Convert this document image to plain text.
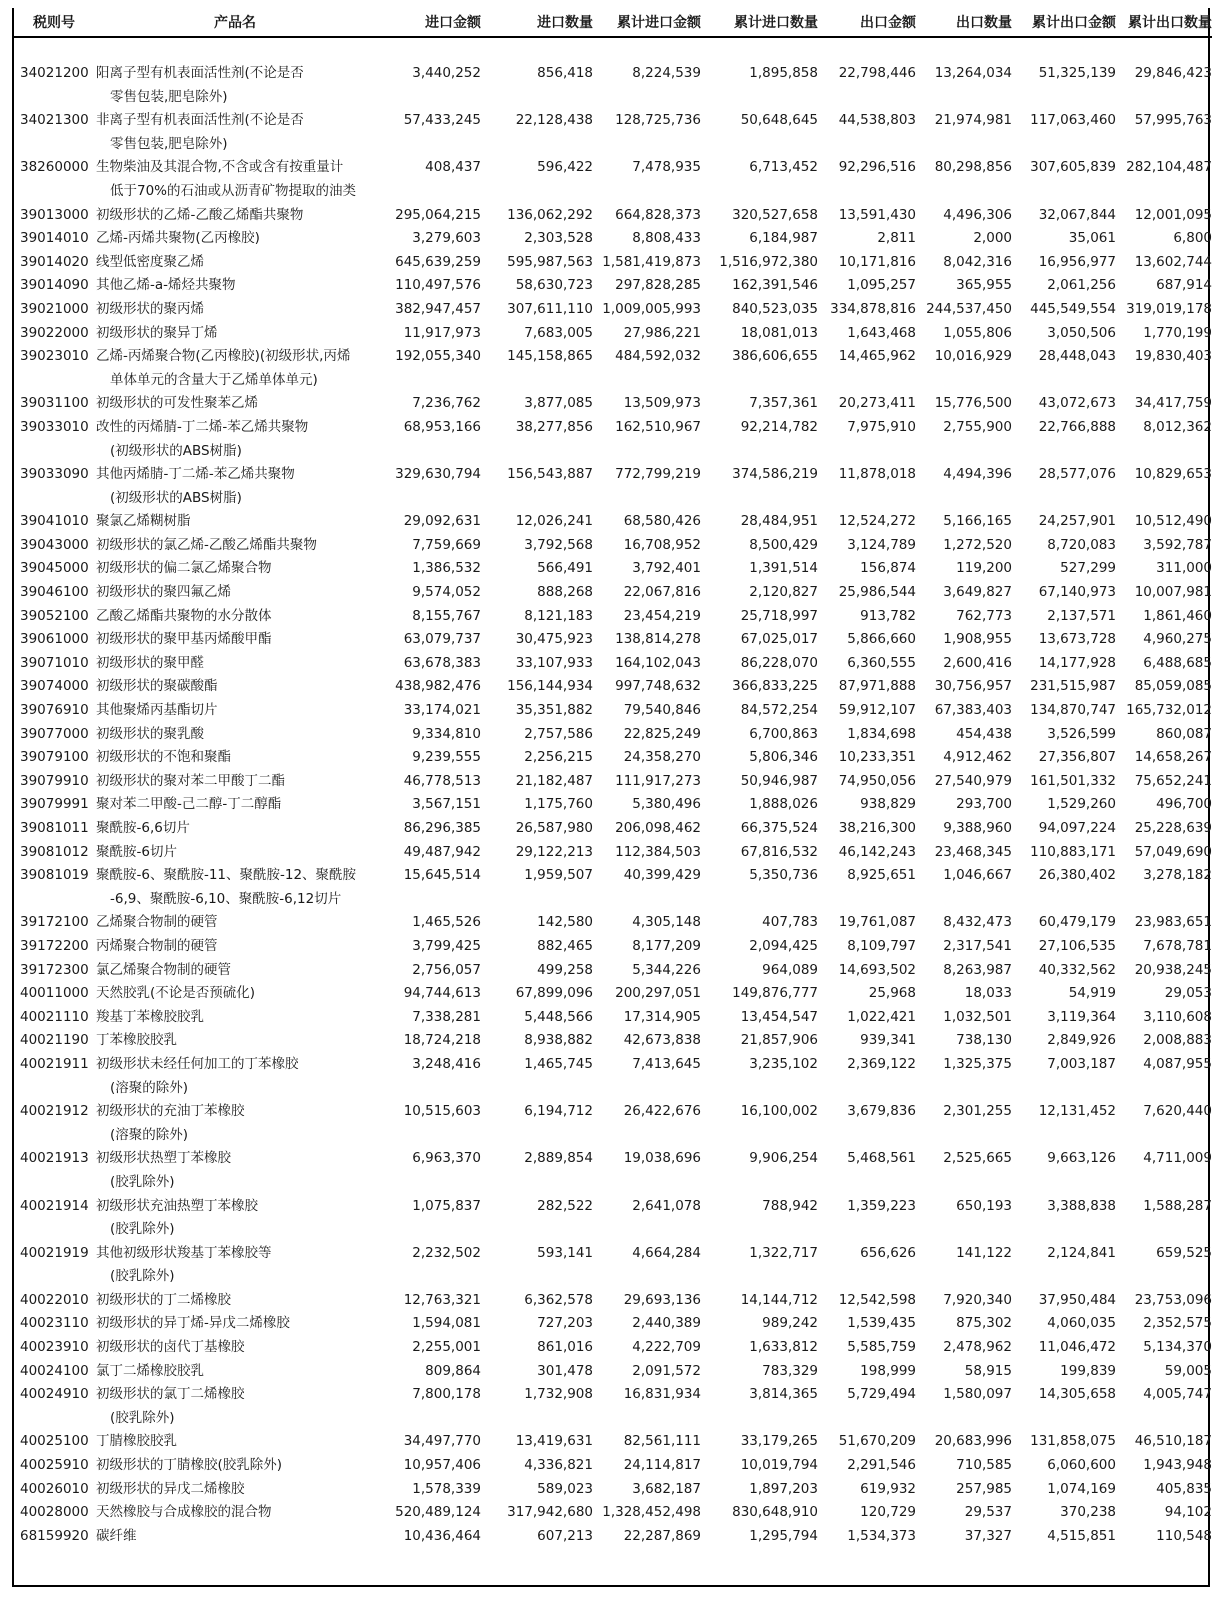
税则号	产品名	进口金额	进口数量	累计进口金额	累计进口数量	出口金额	出口数量	累计出口金额 累计出口数量
34021200 阳离子型有机表面活性剂(不论是否
零售包装,肥皂除外)
3,440,252	856,418	8,224,539	1,895,858	22,798,446	13,264,034	51,325,139	29,846,423
34021300 非离子型有机表面活性剂(不论是否
零售包装,肥皂除外)
57,433,245	22,128,438	128,725,736	50,648,645	44,538,803	21,974,981	117,063,460	57,995,763
38260000 生物柴油及其混合物,不含或含有按重量计
低于70%的石油或从沥青矿物提取的油类
408,437	596,422	7,478,935	6,713,452	92,296,516	80,298,856	307,605,839 282,104,487
39013000 初级形状的乙烯-乙酸乙烯酯共聚物	295,064,215	136,062,292	664,828,373	320,527,658	13,591,430	4,496,306	32,067,844	12,001,095
39014010 乙烯-丙烯共聚物(乙丙橡胶)	3,279,603	2,303,528	8,808,433	6,184,987	2,811	2,000	35,061	6,800
39014020 线型低密度聚乙烯	645,639,259	595,987,563 1,581,419,873	1,516,972,380	10,171,816	8,042,316	16,956,977	13,602,744
39014090 其他乙烯-a-烯烃共聚物	110,497,576	58,630,723	297,828,285	162,391,546	1,095,257	365,955	2,061,256	687,914
39021000 初级形状的聚丙烯	382,947,457	307,611,110 1,009,005,993	840,523,035 334,878,816 244,537,450	445,549,554 319,019,178
39022000 初级形状的聚异丁烯	11,917,973	7,683,005	27,986,221	18,081,013	1,643,468	1,055,806	3,050,506	1,770,199
39023010 乙烯-丙烯聚合物(乙丙橡胶)(初级形状,丙烯
单体单元的含量大于乙烯单体单元)
192,055,340	145,158,865	484,592,032	386,606,655	14,465,962	10,016,929	28,448,043	19,830,403
39031100 初级形状的可发性聚苯乙烯	7,236,762	3,877,085	13,509,973	7,357,361	20,273,411	15,776,500	43,072,673	34,417,759
39033010 改性的丙烯腈-丁二烯-苯乙烯共聚物
(初级形状的ABS树脂)
68,953,166	38,277,856	162,510,967	92,214,782	7,975,910	2,755,900	22,766,888	8,012,362
39033090 其他丙烯腈-丁二烯-苯乙烯共聚物
(初级形状的ABS树脂)
329,630,794	156,543,887	772,799,219	374,586,219	11,878,018	4,494,396	28,577,076	10,829,653
39041010 聚氯乙烯糊树脂	29,092,631	12,026,241	68,580,426	28,484,951	12,524,272	5,166,165	24,257,901	10,512,490
39043000 初级形状的氯乙烯-乙酸乙烯酯共聚物	7,759,669	3,792,568	16,708,952	8,500,429	3,124,789	1,272,520	8,720,083	3,592,787
39045000 初级形状的偏二氯乙烯聚合物	1,386,532	566,491	3,792,401	1,391,514	156,874	119,200	527,299	311,000
39046100 初级形状的聚四氟乙烯	9,574,052	888,268	22,067,816	2,120,827	25,986,544	3,649,827	67,140,973	10,007,981
39052100 乙酸乙烯酯共聚物的水分散体	8,155,767	8,121,183	23,454,219	25,718,997	913,782	762,773	2,137,571	1,861,460
39061000 初级形状的聚甲基丙烯酸甲酯	63,079,737	30,475,923	138,814,278	67,025,017	5,866,660	1,908,955	13,673,728	4,960,275
39071010 初级形状的聚甲醛	63,678,383	33,107,933	164,102,043	86,228,070	6,360,555	2,600,416	14,177,928	6,488,685
39074000 初级形状的聚碳酸酯	438,982,476	156,144,934	997,748,632	366,833,225	87,971,888	30,756,957	231,515,987	85,059,085
39076910 其他聚烯丙基酯切片	33,174,021	35,351,882	79,540,846	84,572,254	59,912,107	67,383,403	134,870,747 165,732,012
39077000 初级形状的聚乳酸	9,334,810	2,757,586	22,825,249	6,700,863	1,834,698	454,438	3,526,599	860,087
39079100 初级形状的不饱和聚酯	9,239,555	2,256,215	24,358,270	5,806,346	10,233,351	4,912,462	27,356,807	14,658,267
39079910 初级形状的聚对苯二甲酸丁二酯	46,778,513	21,182,487	111,917,273	50,946,987	74,950,056	27,540,979	161,501,332	75,652,241
39079991 聚对苯二甲酸-己二醇-丁二醇酯	3,567,151	1,175,760	5,380,496	1,888,026	938,829	293,700	1,529,260	496,700
39081011 聚酰胺-6,6切片	86,296,385	26,587,980	206,098,462	66,375,524	38,216,300	9,388,960	94,097,224	25,228,639
39081012 聚酰胺-6切片	49,487,942	29,122,213	112,384,503	67,816,532	46,142,243	23,468,345	110,883,171	57,049,690
39081019 聚酰胺-6、聚酰胺-11、聚酰胺-12、聚酰胺
-6,9、聚酰胺-6,10、聚酰胺-6,12切片
15,645,514	1,959,507	40,399,429	5,350,736	8,925,651	1,046,667	26,380,402	3,278,182
39172100 乙烯聚合物制的硬管	1,465,526	142,580	4,305,148	407,783	19,761,087	8,432,473	60,479,179	23,983,651
39172200 丙烯聚合物制的硬管	3,799,425	882,465	8,177,209	2,094,425	8,109,797	2,317,541	27,106,535	7,678,781
39172300 氯乙烯聚合物制的硬管	2,756,057	499,258	5,344,226	964,089	14,693,502	8,263,987	40,332,562	20,938,245
40011000 天然胶乳(不论是否预硫化)	94,744,613	67,899,096	200,297,051	149,876,777	25,968	18,033	54,919	29,053
40021110 羧基丁苯橡胶胶乳	7,338,281	5,448,566	17,314,905	13,454,547	1,022,421	1,032,501	3,119,364	3,110,608
40021190 丁苯橡胶胶乳	18,724,218	8,938,882	42,673,838	21,857,906	939,341	738,130	2,849,926	2,008,883
40021911 初级形状未经任何加工的丁苯橡胶
(溶聚的除外)
3,248,416	1,465,745	7,413,645	3,235,102	2,369,122	1,325,375	7,003,187	4,087,955
40021912 初级形状的充油丁苯橡胶
(溶聚的除外)
10,515,603	6,194,712	26,422,676	16,100,002	3,679,836	2,301,255	12,131,452	7,620,440
40021913 初级形状热塑丁苯橡胶
(胶乳除外)
6,963,370	2,889,854	19,038,696	9,906,254	5,468,561	2,525,665	9,663,126	4,711,009
40021914 初级形状充油热塑丁苯橡胶
(胶乳除外)
1,075,837	282,522	2,641,078	788,942	1,359,223	650,193	3,388,838	1,588,287
40021919 其他初级形状羧基丁苯橡胶等
(胶乳除外)
2,232,502	593,141	4,664,284	1,322,717	656,626	141,122	2,124,841	659,525
40022010 初级形状的丁二烯橡胶	12,763,321	6,362,578	29,693,136	14,144,712	12,542,598	7,920,340	37,950,484	23,753,096
40023110 初级形状的异丁烯-异戊二烯橡胶	1,594,081	727,203	2,440,389	989,242	1,539,435	875,302	4,060,035	2,352,575
40023910 初级形状的卤代丁基橡胶	2,255,001	861,016	4,222,709	1,633,812	5,585,759	2,478,962	11,046,472	5,134,370
40024100 氯丁二烯橡胶胶乳	809,864	301,478	2,091,572	783,329	198,999	58,915	199,839	59,005
40024910 初级形状的氯丁二烯橡胶
(胶乳除外)
7,800,178	1,732,908	16,831,934	3,814,365	5,729,494	1,580,097	14,305,658	4,005,747
40025100 丁腈橡胶胶乳	34,497,770	13,419,631	82,561,111	33,179,265	51,670,209	20,683,996	131,858,075	46,510,187
40025910 初级形状的丁腈橡胶(胶乳除外)	10,957,406	4,336,821	24,114,817	10,019,794	2,291,546	710,585	6,060,600	1,943,948
40026010 初级形状的异戊二烯橡胶	1,578,339	589,023	3,682,187	1,897,203	619,932	257,985	1,074,169	405,835
40028000 天然橡胶与合成橡胶的混合物	520,489,124	317,942,680 1,328,452,498	830,648,910	120,729	29,537	370,238	94,102
68159920 碳纤维	10,436,464	607,213	22,287,869	1,295,794	1,534,373	37,327	4,515,851	110,548
